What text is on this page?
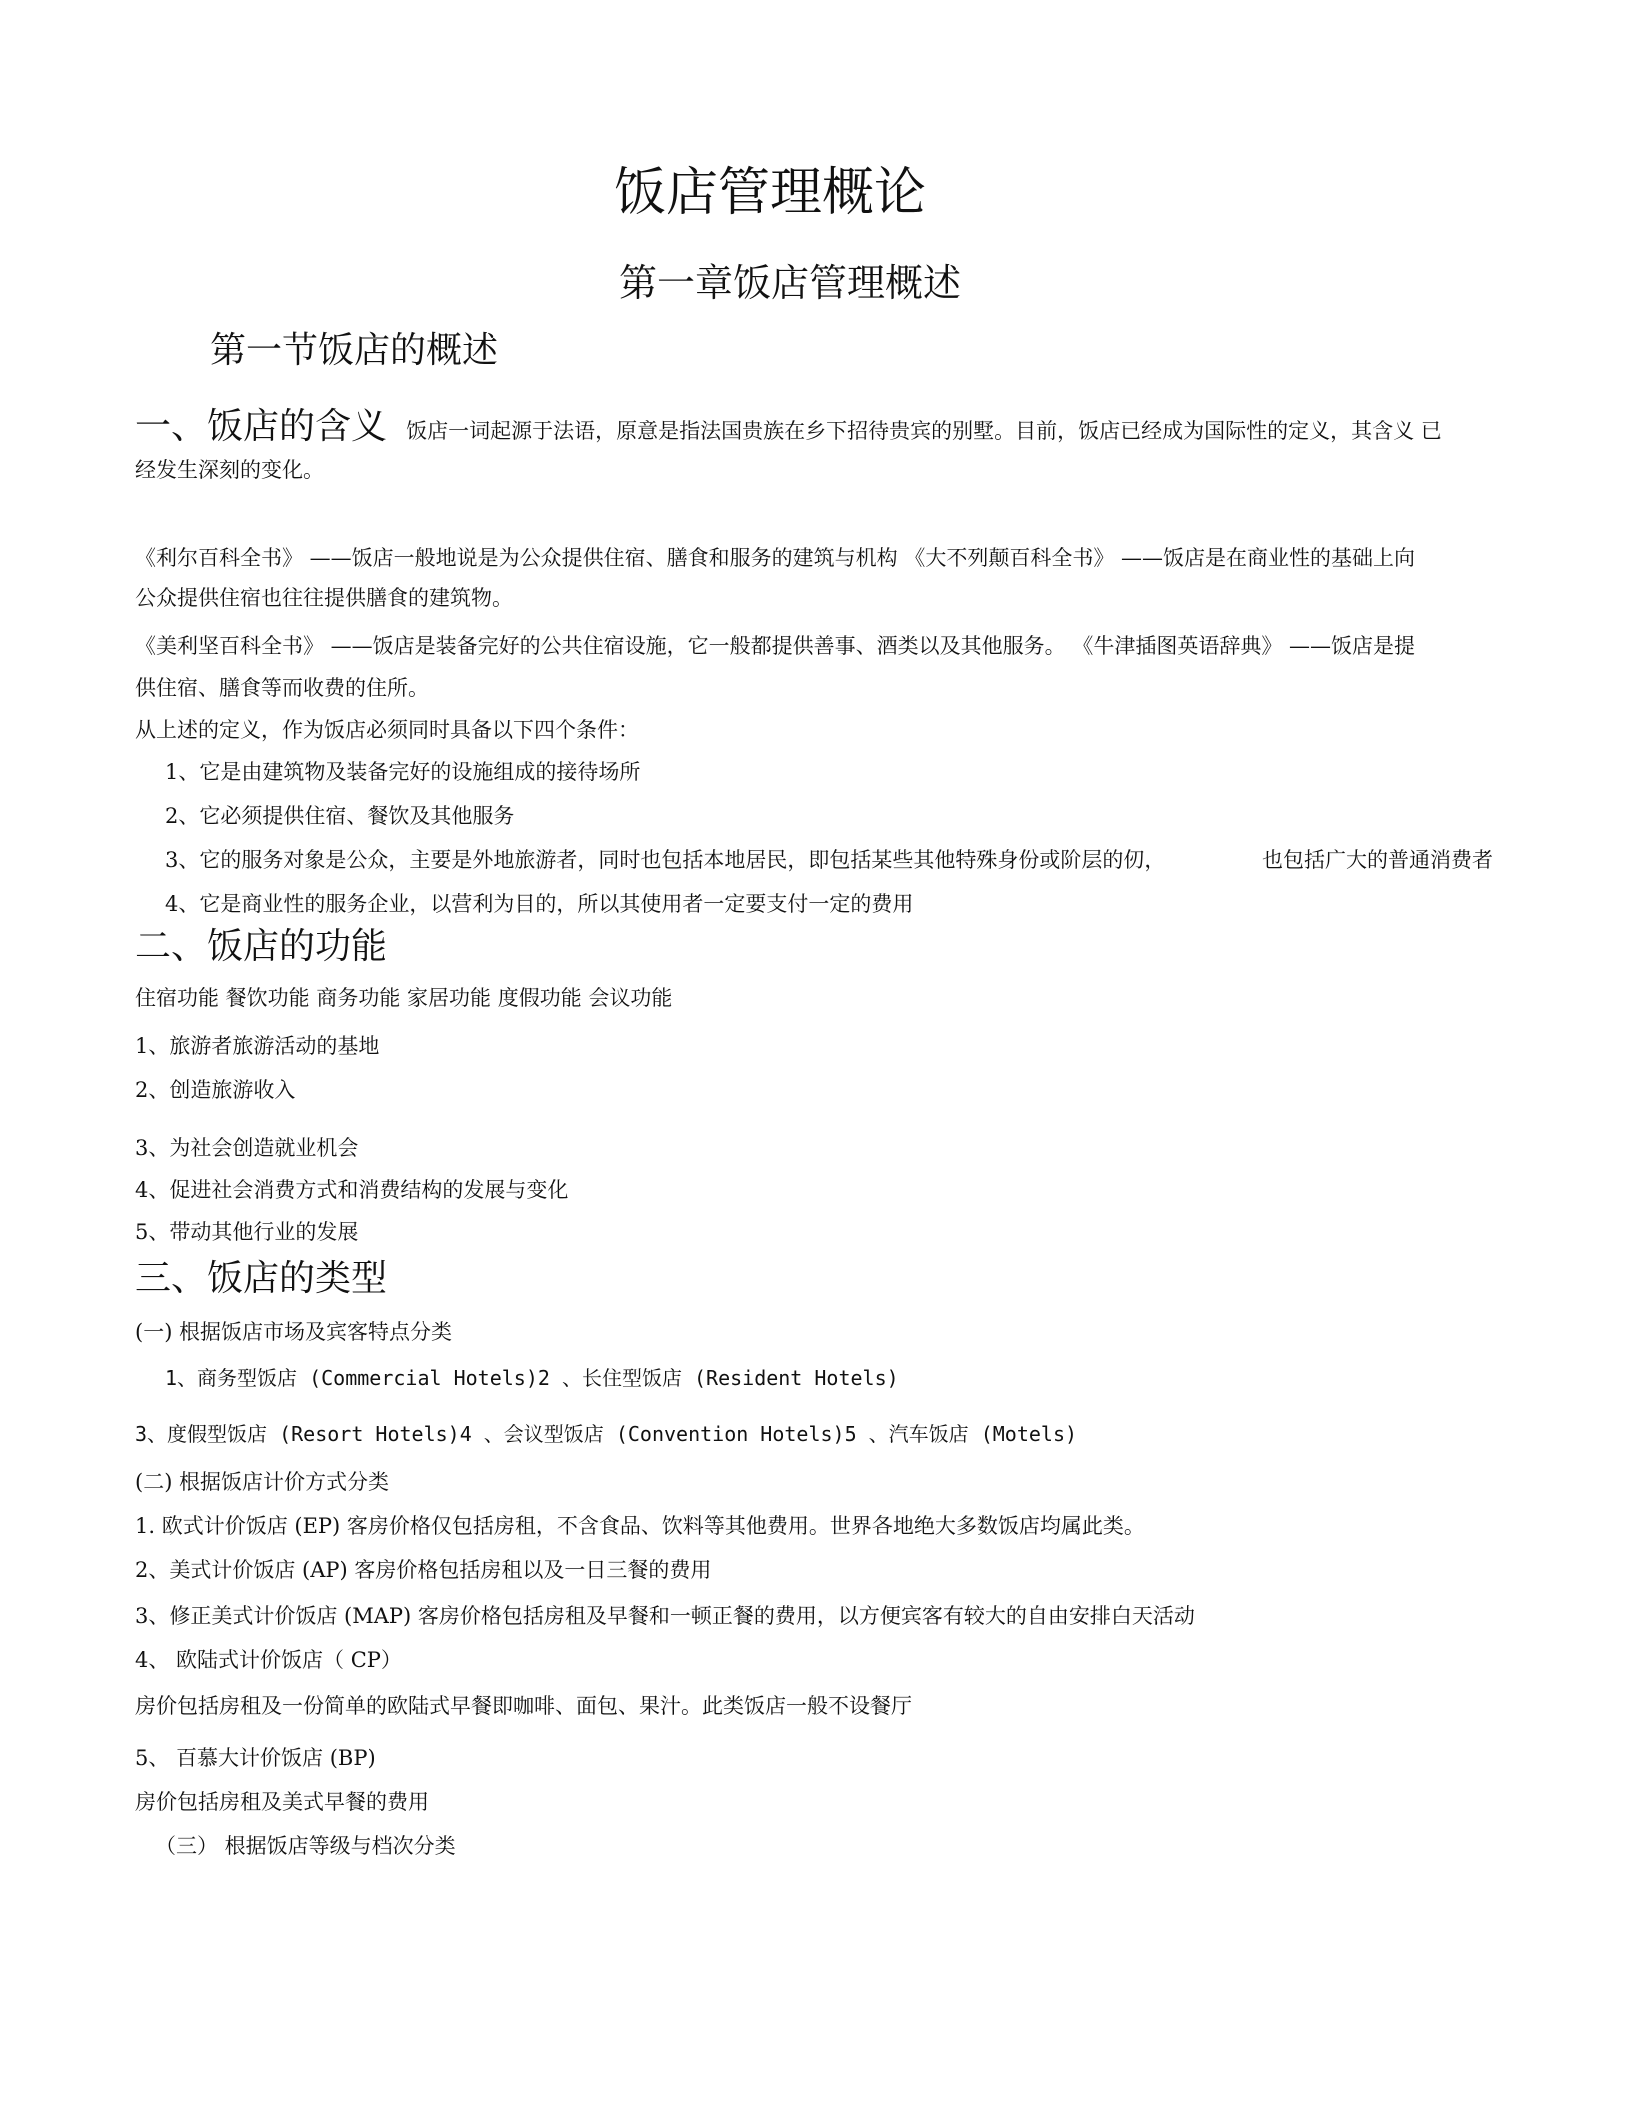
饭店管理概论
第一章饭店管理概述
第一节饭店的概述
一、饭店的含义 饭店一词起源于法语，原意是指法国贵族在乡下招待贵宾的别墅。目前，饭店已经成为国际性的定义，其含义 已
经发生深刻的变化。
《利尔百科全书》 ——饭店一般地说是为公众提供住宿、膳食和服务的建筑与机构 《大不列颠百科全书》 ——饭店是在商业性的基础上向
公众提供住宿也往往提供膳食的建筑物。
《美利坚百科全书》 ——饭店是装备完好的公共住宿设施，它一般都提供善事、酒类以及其他服务。 《牛津插图英语辞典》 ——饭店是提
供住宿、膳食等而收费的住所。
从上述的定义，作为饭店必须同时具备以下四个条件：
1、它是由建筑物及装备完好的设施组成的接待场所
2、它必须提供住宿、餐饮及其他服务
3、它的服务对象是公众，主要是外地旅游者，同时也包括本地居民，即包括某些其他特殊身份或阶层的仞，	也包括广大的普通消费者
4、它是商业性的服务企业，以营利为目的，所以其使用者一定要支付一定的费用
二、饭店的功能
住宿功能 餐饮功能 商务功能 家居功能 度假功能 会议功能
1、旅游者旅游活动的基地
2、创造旅游收入
3、为社会创造就业机会
4、促进社会消费方式和消费结构的发展与变化
5、带动其他行业的发展
三、饭店的类型
(一) 根据饭店市场及宾客特点分类
1、商务型饭店 (Commercial Hotels)2 、长住型饭店 (Resident Hotels)
3、度假型饭店 (Resort Hotels)4 、会议型饭店 (Convention Hotels)5 、汽车饭店 (Motels)
(二) 根据饭店计价方式分类
1. 欧式计价饭店 (EP) 客房价格仅包括房租，不含食品、饮料等其他费用。世界各地绝大多数饭店均属此类。
2、美式计价饭店 (AP) 客房价格包括房租以及一日三餐的费用
3、修正美式计价饭店 (MAP) 客房价格包括房租及早餐和一顿正餐的费用，以方便宾客有较大的自由安排白天活动
4、 欧陆式计价饭店（ CP）
房价包括房租及一份简单的欧陆式早餐即咖啡、面包、果汁。此类饭店一般不设餐厅
5、 百慕大计价饭店 (BP)
房价包括房租及美式早餐的费用
（三） 根据饭店等级与档次分类
